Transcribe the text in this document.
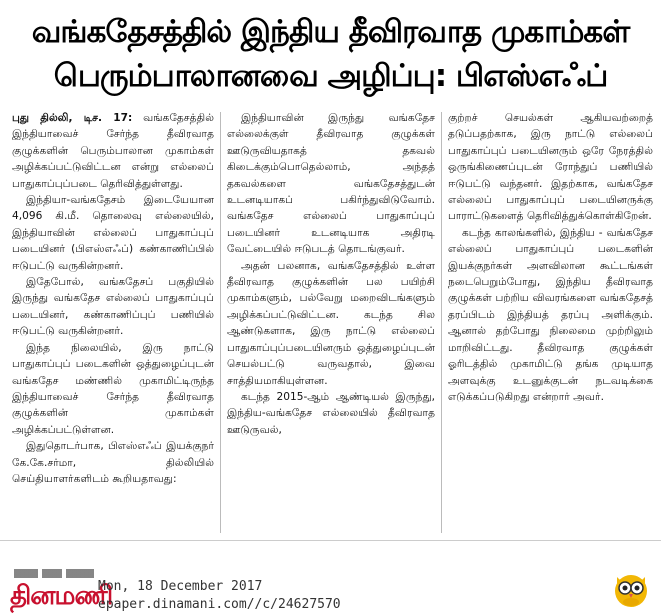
வங்கதேசத்தில் இந்திய தீவிரவாத முகாம்கள்
பெரும்பாலானவை அழிப்பு: பிஎஸ்எஃப்

புது தில்லி, டிச. 17: வங்கதேசத்தில் இந்தியாவைச் சேர்ந்த தீவிரவாத குழுக்களின் பெரும்பாலான முகாம்கள் அழிக்கப்பட்டுவிட்டன என்று எல்லைப் பாதுகாப்புப்படை தெரிவித்துள்ளது.

இந்தியா-வங்கதேசம் இடையேயான 4,096 கி.மீ. தொலைவு எல்லையில், இந்தியாவின் எல்லைப் பாதுகாப்புப் படையினர் (பிஎஸ்எஃப்) கண்காணிப்பில் ஈடுபட்டு வருகின்றனர்.

இதேபோல், வங்கதேசப் பகுதியில் இருந்து வங்கதேச எல்லைப் பாதுகாப்புப் படையினர், கண்காணிப்புப் பணியில் ஈடுபட்டு வருகின்றனர்.

இந்த நிலையில், இரு நாட்டு பாதுகாப்புப் படைகளின் ஒத்துழைப்புடன் வங்கதேச மண்ணில் முகாமிட்டிருந்த இந்தியாவைச் சேர்ந்த தீவிரவாத குழுக்களின் முகாம்கள் அழிக்கப்பட்டுள்ளன.

இதுதொடர்பாக, பிஎஸ்எஃப் இயக்குநர் கே.கே.சர்மா, தில்லியில் செய்தியாளர்களிடம் கூறியதாவது:

இந்தியாவின் இருந்து வங்கதேச எல்லைக்குள் தீவிரவாத குழுக்கள் ஊடுருவியதாகத் தகவல் கிடைக்கும்பொதெல்லாம், அந்தத் தகவல்களை வங்கதேசத்துடன் உடனடியாகப் பகிர்ந்துவிடுவோம். வங்கதேச எல்லைப் பாதுகாப்புப் படையினர் உடனடியாக அதிரடி வேட்டையில் ஈடுபடத் தொடங்குவர்.

அதன் பலனாக, வங்கதேசத்தில் உள்ள தீவிரவாத குழுக்களின் பல பயிற்சி முகாம்களும், பல்வேறு மறைவிடங்களும் அழிக்கப்பட்டுவிட்டன. கடந்த சில ஆண்டுகளாக, இரு நாட்டு எல்லைப் பாதுகாப்புப்படையினரும் ஒத்துழைப்புடன் செயல்பட்டு வருவதால், இவை சாத்தியமாகியுள்ளன.

கடந்த 2015-ஆம் ஆண்டியல் இருந்து, இந்திய-வங்கதேச எல்லையில் தீவிரவாத ஊடுருவல்,

குற்றச் செயல்கள் ஆகியவற்றைத் தடுப்பதற்காக, இரு நாட்டு எல்லைப் பாதுகாப்புப் படையினரும் ஒரே நேரத்தில் ஒருங்கிணைப்புடன் ரோந்துப் பணியில் ஈடுபட்டு வந்தனர். இதற்காக, வங்கதேச எல்லைப் பாதுகாப்புப் படையினருக்கு பாராட்டுகளைத் தெரிவித்துக்கொள்கிறேன்.

கடந்த காலங்களில், இந்திய - வங்கதேச எல்லைப் பாதுகாப்புப் படைகளின் இயக்குநர்கள் அளவிலான கூட்டங்கள் நடைபெறும்போது, இந்திய தீவிரவாத குழுக்கள் பற்றிய விவரங்களை வங்கதேசத் தரப்பிடம் இந்தியத் தரப்பு அளிக்கும். ஆனால் தற்போது நிலைமை முற்றிலும் மாறிவிட்டது. தீவிரவாத குழுக்கள் ஓரிடத்தில் முகாமிட்டு தங்க முடியாத அளவுக்கு உடனுக்குடன் நடவடிக்கை எடுக்கப்படுகிறது என்றார் அவர்.

தினமணி
Mon, 18 December 2017
epaper.dinamani.com//c/24627570
